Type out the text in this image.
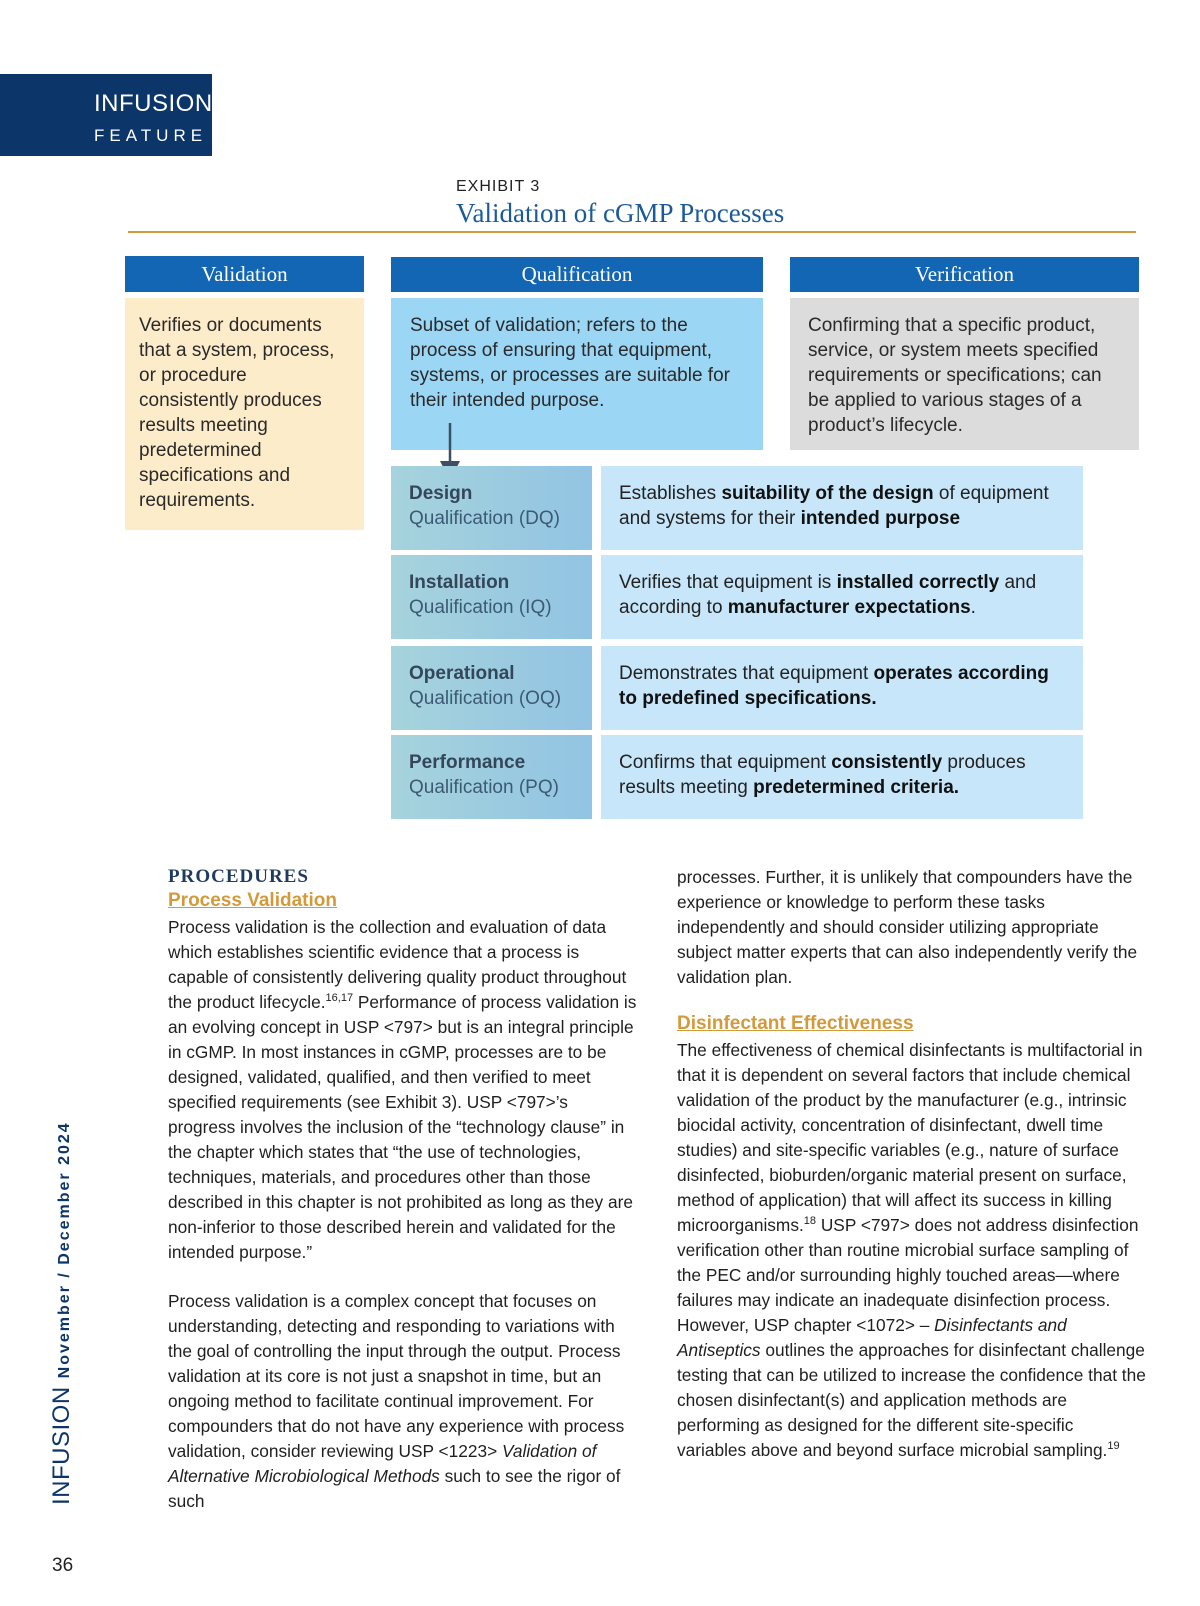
INFUSION
FEATURE
EXHIBIT 3
Validation of cGMP Processes
Validation
Verifies or documents that a system, process, or procedure consistently produces results meeting predetermined specifications and requirements.
Qualification
Subset of validation; refers to the process of ensuring that equipment, systems, or processes are suitable for their intended purpose.
Verification
Confirming that a specific product, service, or system meets specified requirements or specifications; can be applied to various stages of a product’s lifecycle.
Design
Qualification (DQ)
Establishes suitability of the design of equipment and systems for their intended purpose
Installation
Qualification (IQ)
Verifies that equipment is installed correctly and according to manufacturer expectations.
Operational
Qualification (OQ)
Demonstrates that equipment operates according to predefined specifications.
Performance
Qualification (PQ)
Confirms that equipment consistently produces results meeting predetermined criteria.
PROCEDURES
Process Validation

Process validation is the collection and evaluation of data which establishes scientific evidence that a process is capable of consistently delivering quality product throughout the product lifecycle.$^{16,17}$ Performance of process validation is an evolving concept in USP <797> but is an integral principle in cGMP. In most instances in cGMP, processes are to be designed, validated, qualified, and then verified to meet specified requirements (see Exhibit 3). USP <797>’s progress involves the inclusion of the “technology clause” in the chapter which states that “the use of technologies, techniques, materials, and procedures other than those described in this chapter is not prohibited as long as they are non-inferior to those described herein and validated for the intended purpose.”

Process validation is a complex concept that focuses on understanding, detecting and responding to variations with the goal of controlling the input through the output. Process validation at its core is not just a snapshot in time, but an ongoing method to facilitate continual improvement. For compounders that do not have any experience with process validation, consider reviewing USP <1223> Validation of Alternative Microbiological Methods such to see the rigor of such

processes. Further, it is unlikely that compounders have the experience or knowledge to perform these tasks independently and should consider utilizing appropriate subject matter experts that can also independently verify the validation plan.

Disinfectant Effectiveness

The effectiveness of chemical disinfectants is multifactorial in that it is dependent on several factors that include chemical validation of the product by the manufacturer (e.g., intrinsic biocidal activity, concentration of disinfectant, dwell time studies) and site-specific variables (e.g., nature of surface disinfected, bioburden/organic material present on surface, method of application) that will affect its success in killing microorganisms.$^{18}$ USP <797> does not address disinfection verification other than routine microbial surface sampling of the PEC and/or surrounding highly touched areas—where failures may indicate an inadequate disinfection process. However, USP chapter <1072> – Disinfectants and Antiseptics outlines the approaches for disinfectant challenge testing that can be utilized to increase the confidence that the chosen disinfectant(s) and application methods are performing as designed for the different site-specific variables above and beyond surface microbial sampling.$^{19}$

INFUSIONNovember / December 2024
36
